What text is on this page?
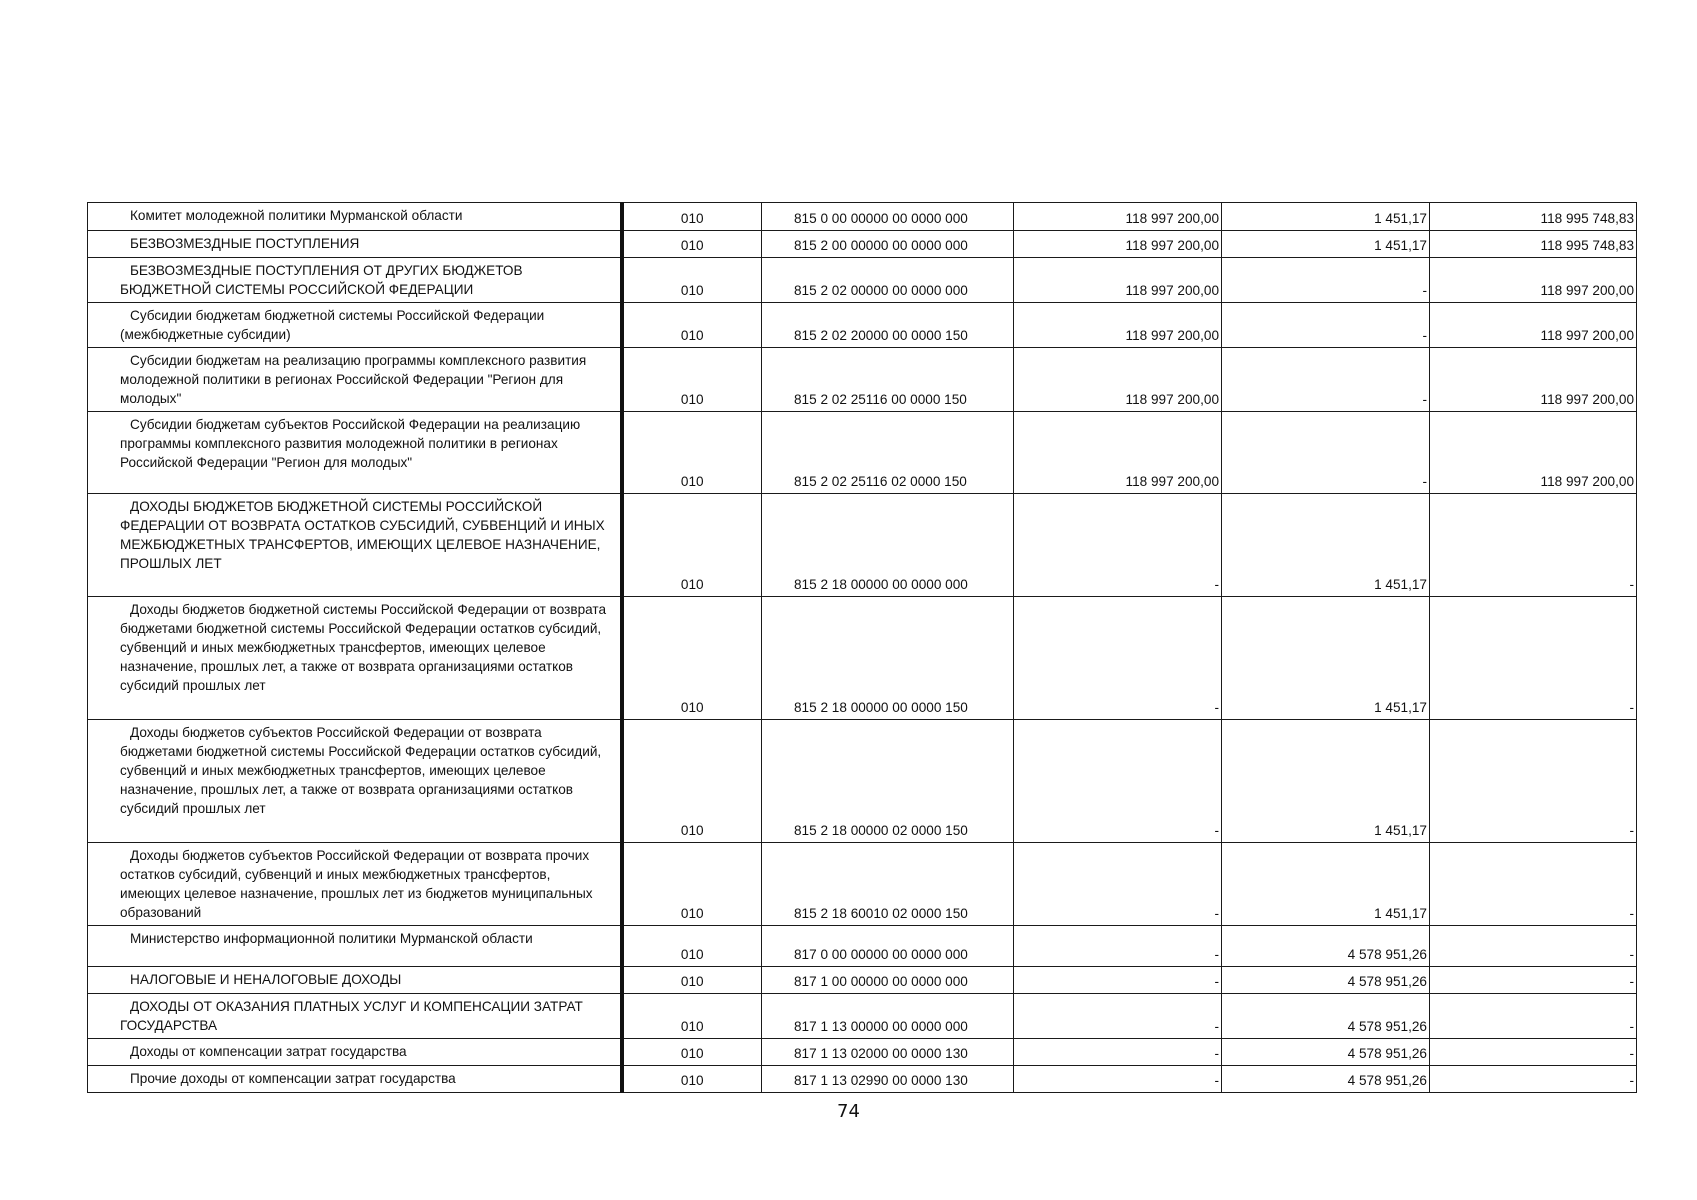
Комитет молодежной политики Мурманской области	010	815 0 00 00000 00 0000 000	118 997 200,00	1 451,17	118 995 748,83
БЕЗВОЗМЕЗДНЫЕ ПОСТУПЛЕНИЯ	010	815 2 00 00000 00 0000 000	118 997 200,00	1 451,17	118 995 748,83
БЕЗВОЗМЕЗДНЫЕ ПОСТУПЛЕНИЯ ОТ ДРУГИХ БЮДЖЕТОВ БЮДЖЕТНОЙ СИСТЕМЫ РОССИЙСКОЙ ФЕДЕРАЦИИ	010	815 2 02 00000 00 0000 000	118 997 200,00	-	118 997 200,00
Субсидии бюджетам бюджетной системы Российской Федерации (межбюджетные субсидии)	010	815 2 02 20000 00 0000 150	118 997 200,00	-	118 997 200,00
Субсидии бюджетам на реализацию программы комплексного развития молодежной политики в регионах Российской Федерации "Регион для молодых"	010	815 2 02 25116 00 0000 150	118 997 200,00	-	118 997 200,00
Субсидии бюджетам субъектов Российской Федерации на реализацию программы комплексного развития молодежной политики в регионах Российской Федерации "Регион для молодых"	010	815 2 02 25116 02 0000 150	118 997 200,00	-	118 997 200,00
ДОХОДЫ БЮДЖЕТОВ БЮДЖЕТНОЙ СИСТЕМЫ РОССИЙСКОЙ ФЕДЕРАЦИИ ОТ ВОЗВРАТА ОСТАТКОВ СУБСИДИЙ, СУБВЕНЦИЙ И ИНЫХ МЕЖБЮДЖЕТНЫХ ТРАНСФЕРТОВ, ИМЕЮЩИХ ЦЕЛЕВОЕ НАЗНАЧЕНИЕ, ПРОШЛЫХ ЛЕТ	010	815 2 18 00000 00 0000 000	-	1 451,17	-
Доходы бюджетов бюджетной системы Российской Федерации от возврата бюджетами бюджетной системы Российской Федерации остатков субсидий, субвенций и иных межбюджетных трансфертов, имеющих целевое назначение, прошлых лет, а также от возврата организациями остатков субсидий прошлых лет	010	815 2 18 00000 00 0000 150	-	1 451,17	-
Доходы бюджетов субъектов Российской Федерации от возврата бюджетами бюджетной системы Российской Федерации остатков субсидий, субвенций и иных межбюджетных трансфертов, имеющих целевое назначение, прошлых лет, а также от возврата организациями остатков субсидий прошлых лет	010	815 2 18 00000 02 0000 150	-	1 451,17	-
Доходы бюджетов субъектов Российской Федерации от возврата прочих остатков субсидий, субвенций и иных межбюджетных трансфертов, имеющих целевое назначение, прошлых лет из бюджетов муниципальных образований	010	815 2 18 60010 02 0000 150	-	1 451,17	-
Министерство информационной политики Мурманской области	010	817 0 00 00000 00 0000 000	-	4 578 951,26	-
НАЛОГОВЫЕ И НЕНАЛОГОВЫЕ ДОХОДЫ	010	817 1 00 00000 00 0000 000	-	4 578 951,26	-
ДОХОДЫ ОТ ОКАЗАНИЯ ПЛАТНЫХ УСЛУГ И КОМПЕНСАЦИИ ЗАТРАТ ГОСУДАРСТВА	010	817 1 13 00000 00 0000 000	-	4 578 951,26	-
Доходы от компенсации затрат государства	010	817 1 13 02000 00 0000 130	-	4 578 951,26	-
Прочие доходы от компенсации затрат государства	010	817 1 13 02990 00 0000 130	-	4 578 951,26	-
74
